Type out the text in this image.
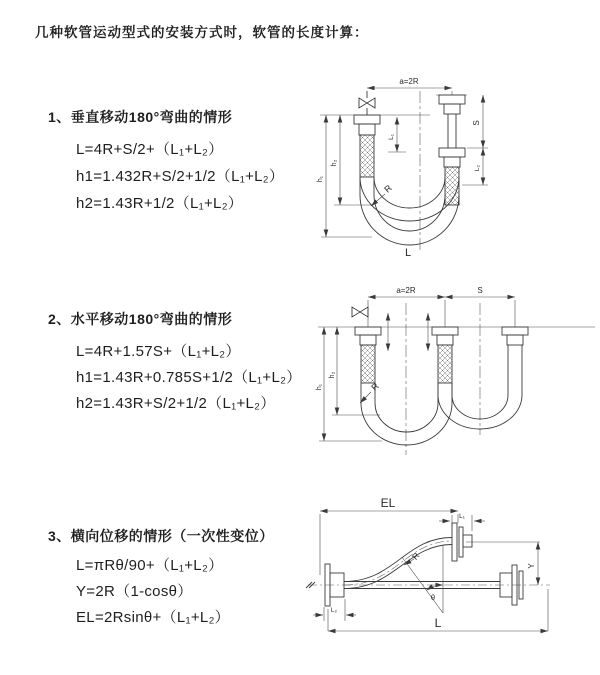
几种软管运动型式的安装方式时，软管的长度计算：
1、垂直移动180°弯曲的情形
L=4R+S/2+（L₁+L₂）
h1=1.432R+S/2+1/2（L₁+L₂）
h2=1.43R+1/2（L₁+L₂）
2、水平移动180°弯曲的情形
L=4R+1.57S+（L₁+L₂）
h1=1.43R+0.785S+1/2（L₁+L₂）
h2=1.43R+S/2+1/2（L₁+L₂）
3、横向位移的情形（一次性变位）
L=πRθ/90+（L₁+L₂）
Y=2R（1-cosθ）
EL=2Rsinθ+（L₁+L₂）
a=2R
h₁
h₂
L₁
S
L₂
R
L
a=2R	S
h₁
h₂
R
EL
L₁
R
Y
θ
L₂
L
